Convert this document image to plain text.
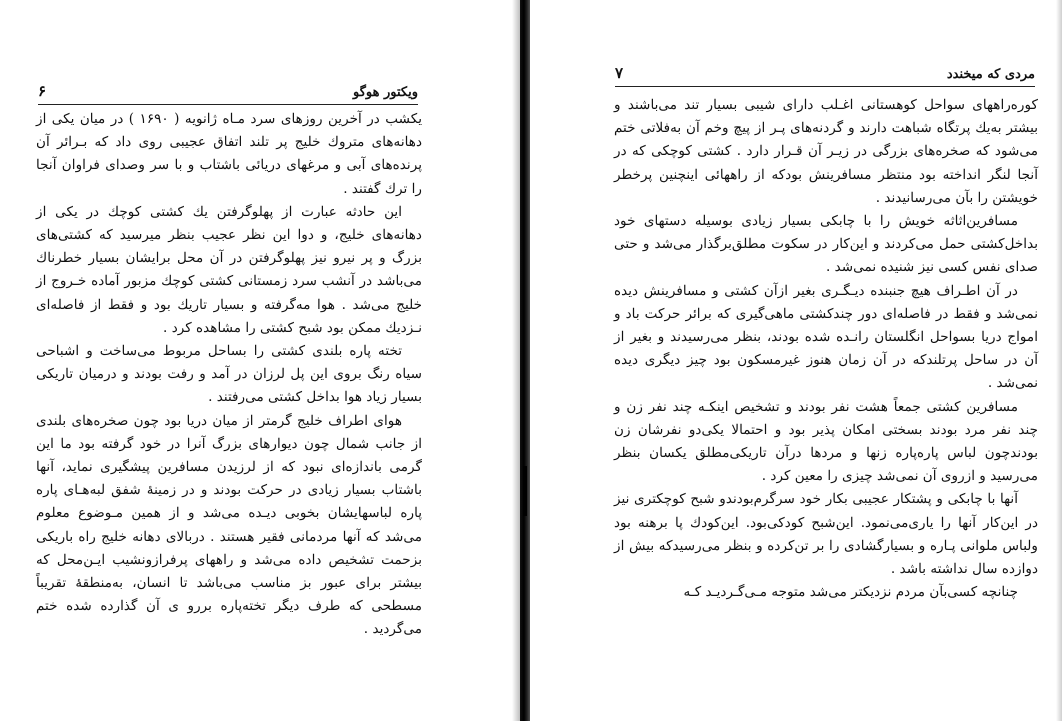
ویکتور هوگو
۶

یکشب در آخرین روزهای سرد مـاه ژانویه ( ۱۶۹۰ ) در میان یکی از دهانه‌های متروك خلیج پر تلند اتفاق عجیبی روی داد که بـرائر آن پرنده‌های آبی و مرغهای دریائی باشتاب و با سر وصدای فراوان آنجا را ترك گفتند .

این حادثه عبارت از پهلوگرفتن یك کشتی کوچك در یکی از دهانه‌های خلیج، و دوا این نظر عجیب بنظر میرسید که کشتی‌های بزرگ و پر نیرو نیز پهلوگرفتن در آن محل برایشان بسیار خطرناك می‌باشد در آنشب سرد زمستانی کشتی کوچك مزبور آماده خـروج از خلیج می‌شد . هوا مه‌گرفته و بسیار تاریك بود و فقط از فاصله‌ای نـزدیك ممکن بود شبح کشتی را مشاهده کرد .

تخته پاره بلندی کشتی را بساحل مربوط می‌ساخت و اشباحی سیاه رنگ بروی این پل لرزان در آمد و رفت بودند و درمیان تاریکی بسیار زیاد هوا بداخل کشتی می‌رفتند .

هوای اطراف خلیج گرمتر از میان دریا بود چون صخره‌های بلندی از جانب شمال چون دیوارهای بزرگ آنرا در خود گرفته بود ما این گرمی باندازه‌ای نبود که از لرزیدن مسافرین پیشگیری نماید، آنها باشتاب بسیار زیادی در حرکت بودند و در زمینهٔ شفق لبه‌هـای پاره پاره لباسهایشان بخوبی دیـده می‌شد و از همین مـوضوع معلوم می‌شد که آنها مردمانی فقیر هستند . دربالای دهانه خلیج راه باریکی بزحمت تشخیص داده می‌شد و راههای پرفرازونشیب ایـن‌محل که بیشتر برای عبور بز مناسب می‌باشد تا انسان، به‌منطقهٔ تقریباً مسطحی که طرف دیگر تخته‌پاره بررو ی آن گذارده شده ختم می‌گردید .

مردی که میخندد
۷

کوره‌راههای سواحل کوهستانی اغـلب دارای شیبی بسیار تند می‌باشند و بیشتر به‌یك پرتگاه شباهت دارند و گردنه‌های پـر از پیچ وخم آن به‌فلاتی ختم می‌شود که صخره‌های بزرگی در زیـر آن قـرار دارد . کشتی کوچکی که در آنجا لنگر انداخته بود منتظر مسافرینش بودکه از راههائی اینچنین پرخطر خویشتن را بآن می‌رسانیدند .

مسافرین‌اثاثه خویش را با چابکی بسیار زیادی بوسیله دستهای خود بداخل‌کشتی حمل می‌کردند و این‌کار در سکوت مطلق‌برگذار می‌شد و حتی صدای نفس کسی نیز شنیده نمی‌شد .

در آن اطـراف هیچ جنبنده دیـگـری بغیر ازآن کشتی و مسافرینش دیده نمی‌شد و فقط در فاصله‌ای دور چندکشتی ماهی‌گیری که برائر حرکت باد و امواج دریا بسواحل انگلستان رانـده شده بودند، بنظر می‌رسیدند و بغیر از آن در ساحل پرتلندکه در آن زمان هنوز غیرمسکون بود چیز دیگری دیده نمی‌شد .

مسافرین کشتی جمعاً هشت نفر بودند و تشخیص اینکـه چند نفر زن و چند نفر مرد بودند بسختی امکان پذیر بود و احتمالا یکی‌دو نفرشان زن بودندچون لباس پاره‌پاره زنها و مردها درآن تاریکی‌مطلق یکسان بنظر می‌رسید و ازروی آن نمی‌شد چیزی را معین کرد .

آنها با چابکی و پشتکار عجیبی بکار خود سرگرم‌بودندو شبح کوچکتری نیز در این‌کار آنها را یاری‌می‌نمود. این‌شبح کودکی‌بود. این‌کودك پا برهنه بود ولباس ملوانی پـاره و بسیارگشادی را بر تن‌کرده و بنظر می‌رسیدکه بیش از دوازده سال نداشته باشد .

چنانچه کسی‌بآن مردم نزدیکتر می‌شد متوجه مـی‌گـردیـد کـه
